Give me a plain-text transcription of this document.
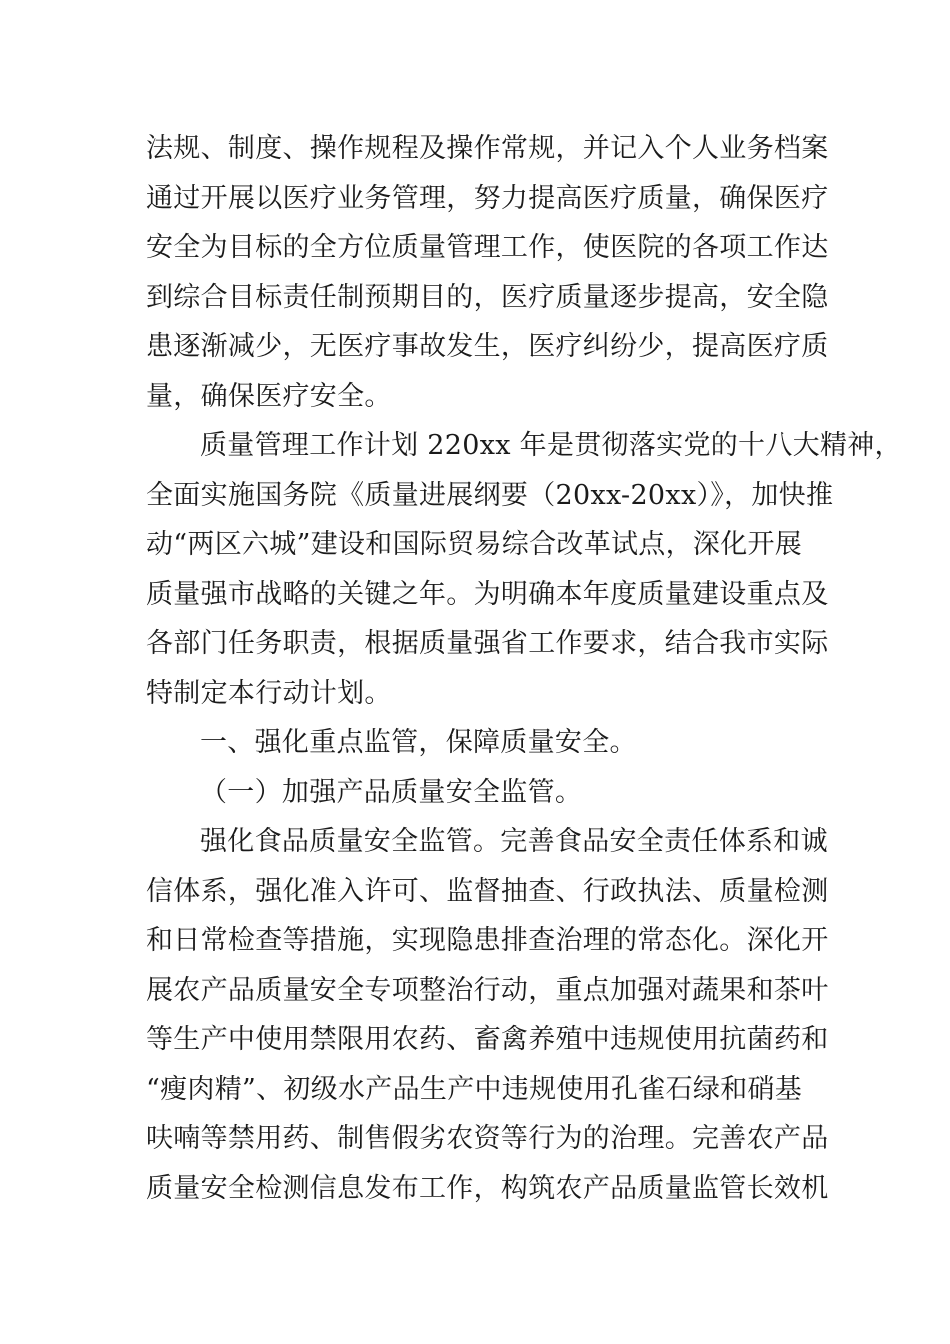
法规、制度、操作规程及操作常规，并记入个人业务档案
通过开展以医疗业务管理，努力提高医疗质量，确保医疗
安全为目标的全方位质量管理工作，使医院的各项工作达
到综合目标责任制预期目的，医疗质量逐步提高，安全隐
患逐渐减少，无医疗事故发生，医疗纠纷少，提高医疗质
量，确保医疗安全。
质量管理工作计划 220xx 年是贯彻落实党的十八大精神，
全面实施国务院《质量进展纲要（20xx-20xx）》，加快推
动“两区六城”建设和国际贸易综合改革试点，深化开展
质量强市战略的关键之年。为明确本年度质量建设重点及
各部门任务职责，根据质量强省工作要求，结合我市实际
特制定本行动计划。
一、强化重点监管，保障质量安全。
（一）加强产品质量安全监管。
强化食品质量安全监管。完善食品安全责任体系和诚
信体系，强化准入许可、监督抽查、行政执法、质量检测
和日常检查等措施，实现隐患排查治理的常态化。深化开
展农产品质量安全专项整治行动，重点加强对蔬果和茶叶
等生产中使用禁限用农药、畜禽养殖中违规使用抗菌药和
“瘦肉精”、初级水产品生产中违规使用孔雀石绿和硝基
呋喃等禁用药、制售假劣农资等行为的治理。完善农产品
质量安全检测信息发布工作，构筑农产品质量监管长效机
